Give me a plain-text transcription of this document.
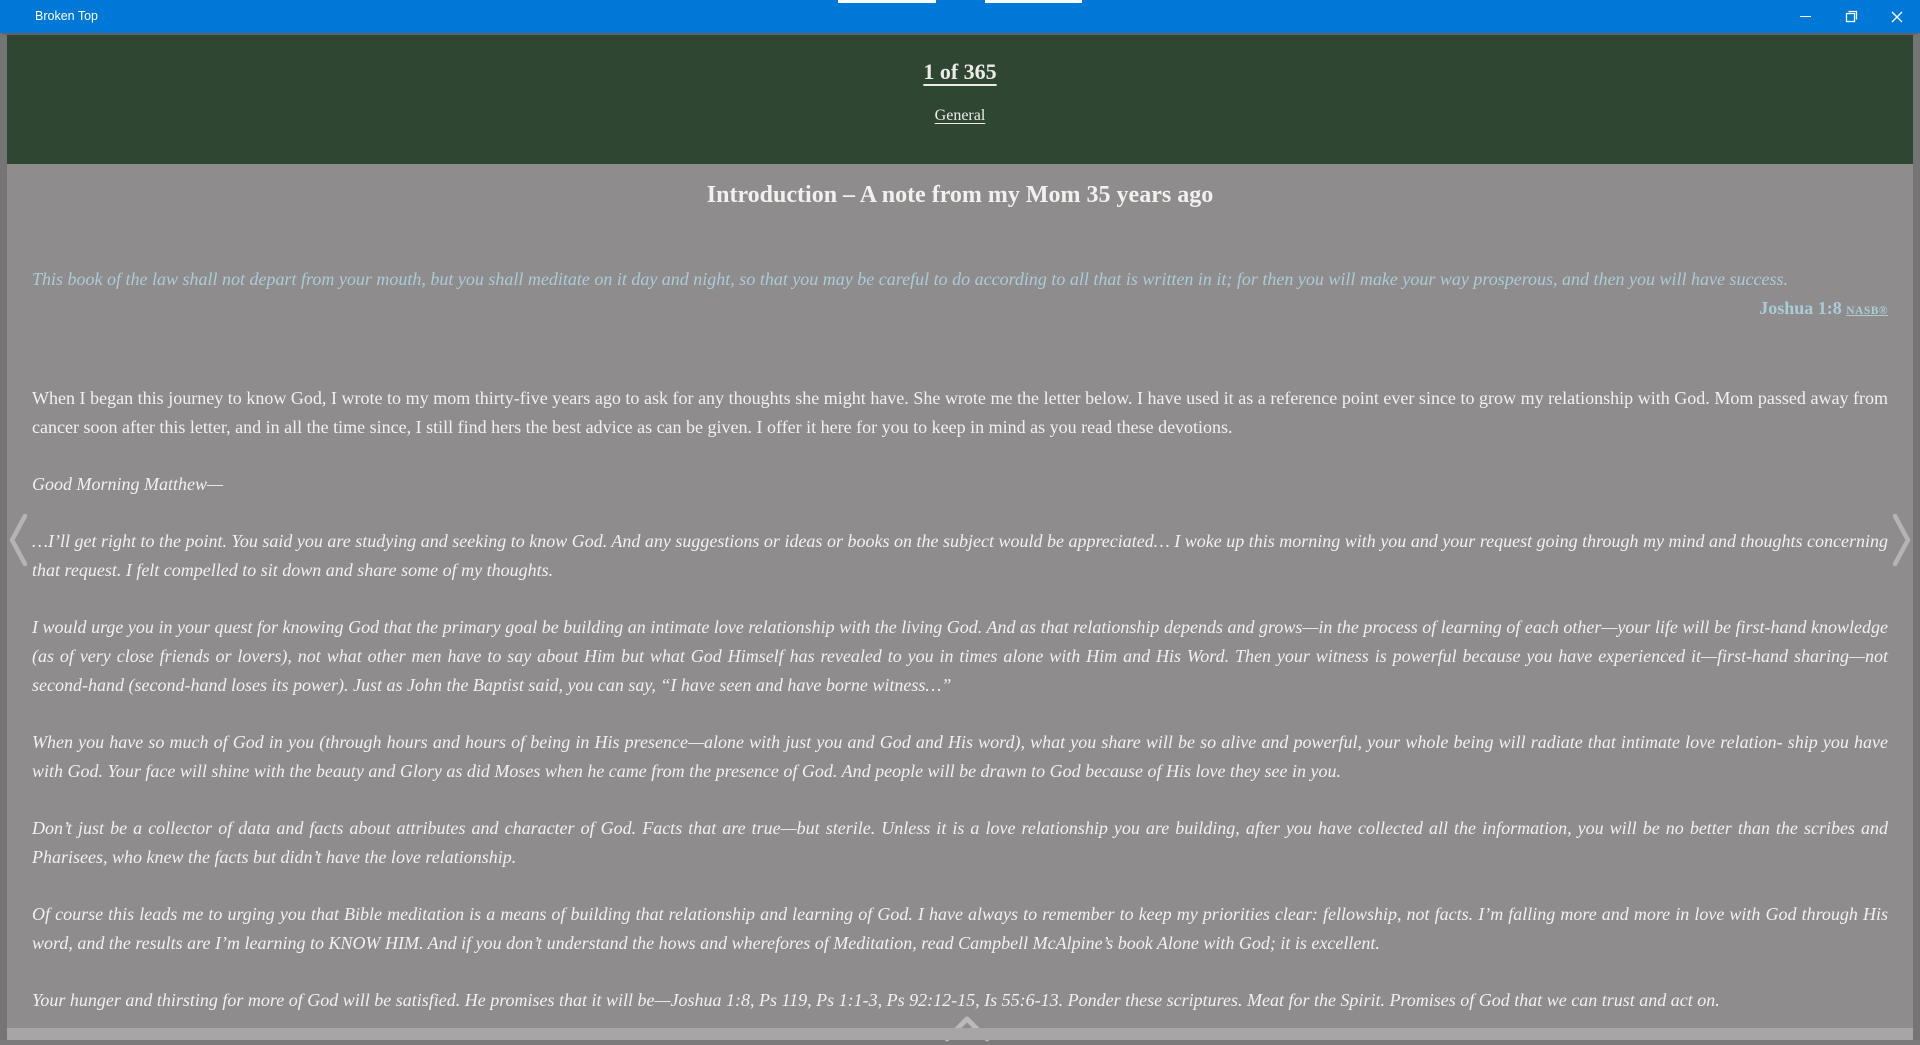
Broken Top
1 of 365
General
Introduction – A note from my Mom 35 years ago

This book of the law shall not depart from your mouth, but you shall meditate on it day and night, so that you may be careful to do according to all that is written in it; for then you will make your way prosperous, and then you will have success.

Joshua 1:8 NASB®

When I began this journey to know God, I wrote to my mom thirty-five years ago to ask for any thoughts she might have. She wrote me the letter below. I have used it as a reference point ever since to grow my relationship with God. Mom passed away from cancer soon after this letter, and in all the time since, I still find hers the best advice as can be given. I offer it here for you to keep in mind as you read these devotions.

Good Morning Matthew—

…I’ll get right to the point. You said you are studying and seeking to know God. And any suggestions or ideas or books on the subject would be appreciated… I woke up this morning with you and your request going through my mind and thoughts concerning that request. I felt compelled to sit down and share some of my thoughts.

I would urge you in your quest for knowing God that the primary goal be building an intimate love relationship with the living God. And as that relationship depends and grows—in the process of learning of each other—your life will be first-hand knowledge (as of very close friends or lovers), not what other men have to say about Him but what God Himself has revealed to you in times alone with Him and His Word. Then your witness is powerful because you have experienced it—first-hand sharing—not second-hand (second-hand loses its power). Just as John the Baptist said, you can say, “I have seen and have borne witness…”

When you have so much of God in you (through hours and hours of being in His presence—alone with just you and God and His word), what you share will be so alive and powerful, your whole being will radiate that intimate love relation- ship you have with God. Your face will shine with the beauty and Glory as did Moses when he came from the presence of God. And people will be drawn to God because of His love they see in you.

Don’t just be a collector of data and facts about attributes and character of God. Facts that are true—but sterile. Unless it is a love relationship you are building, after you have collected all the information, you will be no better than the scribes and Pharisees, who knew the facts but didn’t have the love relationship.

Of course this leads me to urging you that Bible meditation is a means of building that relationship and learning of God. I have always to remember to keep my priorities clear: fellowship, not facts. I’m falling more and more in love with God through His word, and the results are I’m learning to KNOW HIM. And if you don’t understand the hows and wherefores of Meditation, read Campbell McAlpine’s book Alone with God; it is excellent.

Your hunger and thirsting for more of God will be satisfied. He promises that it will be—Joshua 1:8, Ps 119, Ps 1:1-3, Ps 92:12-15, Is 55:6-13. Ponder these scriptures. Meat for the Spirit. Promises of God that we can trust and act on.
